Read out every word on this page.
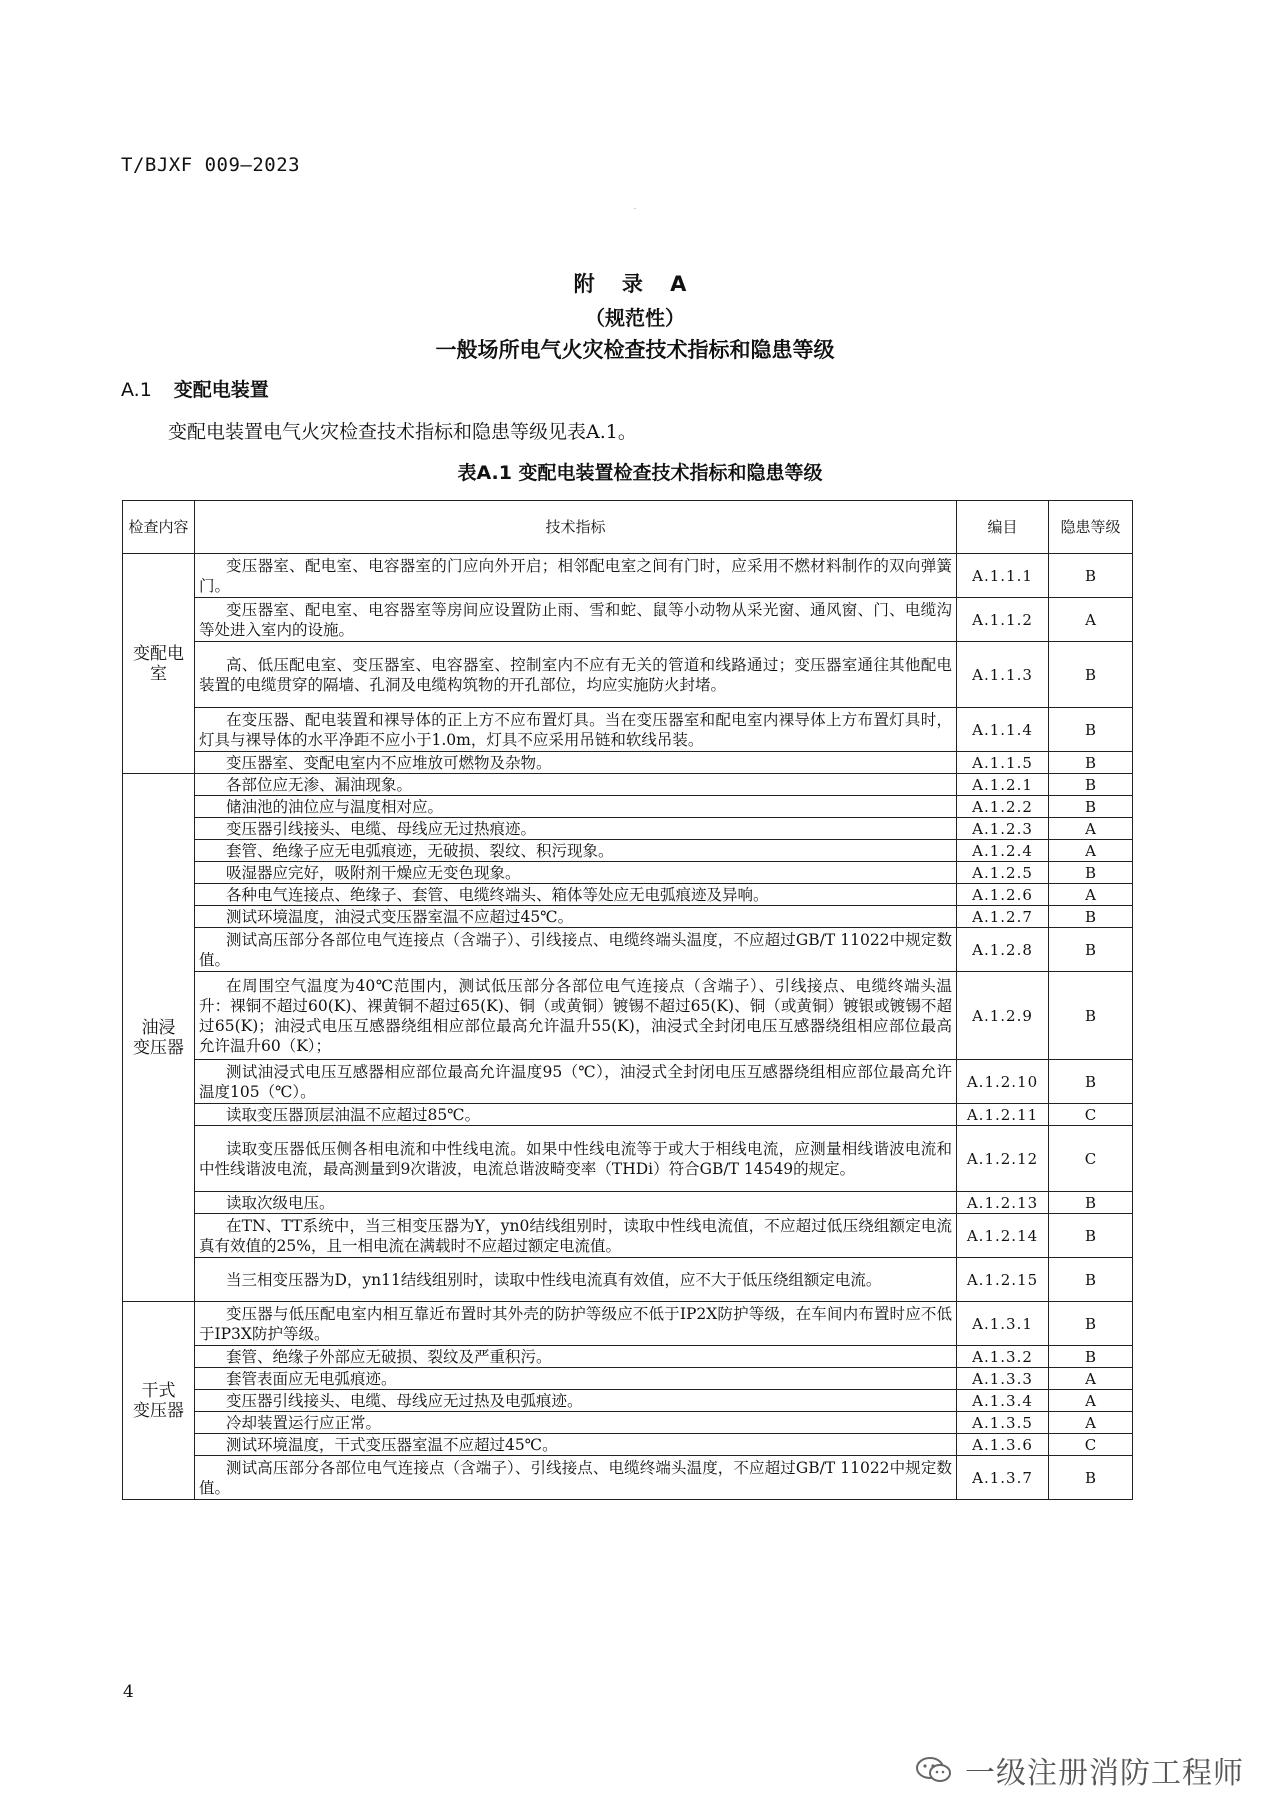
T/BJXF 009—2023
·
附 录 A
（规范性）
一般场所电气火灾检查技术指标和隐患等级
A.1 变配电装置
变配电装置电气火灾检查技术指标和隐患等级见表A.1。
表A.1 变配电装置检查技术指标和隐患等级
检查内容	技术指标	编目	隐患等级
变配电室	变压器室、配电室、电容器室的门应向外开启；相邻配电室之间有门时，应采用不燃材料制作的双向弹簧门。	A.1.1.1	B
	变压器室、配电室、电容器室等房间应设置防止雨、雪和蛇、鼠等小动物从采光窗、通风窗、门、电缆沟等处进入室内的设施。	A.1.1.2	A
	高、低压配电室、变压器室、电容器室、控制室内不应有无关的管道和线路通过；变压器室通往其他配电装置的电缆贯穿的隔墙、孔洞及电缆构筑物的开孔部位，均应实施防火封堵。	A.1.1.3	B
	在变压器、配电装置和裸导体的正上方不应布置灯具。当在变压器室和配电室内裸导体上方布置灯具时，灯具与裸导体的水平净距不应小于1.0m，灯具不应采用吊链和软线吊装。	A.1.1.4	B
	变压器室、变配电室内不应堆放可燃物及杂物。	A.1.1.5	B
油浸
变压器	各部位应无渗、漏油现象。	A.1.2.1	B
	储油池的油位应与温度相对应。	A.1.2.2	B
	变压器引线接头、电缆、母线应无过热痕迹。	A.1.2.3	A
	套管、绝缘子应无电弧痕迹，无破损、裂纹、积污现象。	A.1.2.4	A
	吸湿器应完好，吸附剂干燥应无变色现象。	A.1.2.5	B
	各种电气连接点、绝缘子、套管、电缆终端头、箱体等处应无电弧痕迹及异响。	A.1.2.6	A
	测试环境温度，油浸式变压器室温不应超过45℃。	A.1.2.7	B
	测试高压部分各部位电气连接点（含端子）、引线接点、电缆终端头温度，不应超过GB/T 11022中规定数值。	A.1.2.8	B
	在周围空气温度为40℃范围内，测试低压部分各部位电气连接点（含端子）、引线接点、电缆终端头温升：裸铜不超过60(K)、裸黄铜不超过65(K)、铜（或黄铜）镀锡不超过65(K)、铜（或黄铜）镀银或镀锡不超过65(K)；油浸式电压互感器绕组相应部位最高允许温升55(K)，油浸式全封闭电压互感器绕组相应部位最高允许温升60（K）；	A.1.2.9	B
	测试油浸式电压互感器相应部位最高允许温度95（℃），油浸式全封闭电压互感器绕组相应部位最高允许温度105（℃）。	A.1.2.10	B
	读取变压器顶层油温不应超过85℃。	A.1.2.11	C
	读取变压器低压侧各相电流和中性线电流。如果中性线电流等于或大于相线电流，应测量相线谐波电流和中性线谐波电流，最高测量到9次谐波，电流总谐波畸变率（THDi）符合GB/T 14549的规定。	A.1.2.12	C
	读取次级电压。	A.1.2.13	B
	在TN、TT系统中，当三相变压器为Y，yn0结线组别时，读取中性线电流值，不应超过低压绕组额定电流真有效值的25%，且一相电流在满载时不应超过额定电流值。	A.1.2.14	B
	当三相变压器为D，yn11结线组别时，读取中性线电流真有效值，应不大于低压绕组额定电流。	A.1.2.15	B
干式
变压器	变压器与低压配电室内相互靠近布置时其外壳的防护等级应不低于IP2X防护等级，在车间内布置时应不低于IP3X防护等级。	A.1.3.1	B
	套管、绝缘子外部应无破损、裂纹及严重积污。	A.1.3.2	B
	套管表面应无电弧痕迹。	A.1.3.3	A
	变压器引线接头、电缆、母线应无过热及电弧痕迹。	A.1.3.4	A
	冷却装置运行应正常。	A.1.3.5	A
	测试环境温度，干式变压器室温不应超过45℃。	A.1.3.6	C
	测试高压部分各部位电气连接点（含端子）、引线接点、电缆终端头温度，不应超过GB/T 11022中规定数值。	A.1.3.7	B
4
一级注册消防工程师
